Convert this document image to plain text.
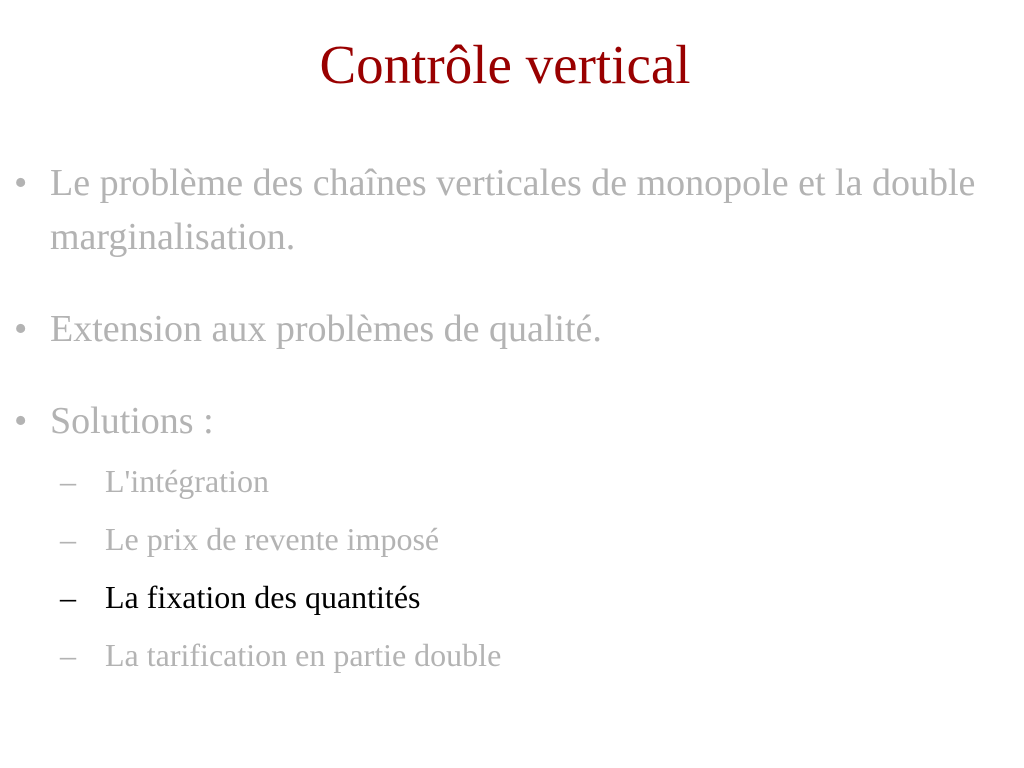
Contrôle vertical
• Le problème des chaînes verticales de monopole et la double marginalisation.
• Extension aux problèmes de qualité.
• Solutions :
– L'intégration
– Le prix de revente imposé
– La fixation des quantités
– La tarification en partie double
